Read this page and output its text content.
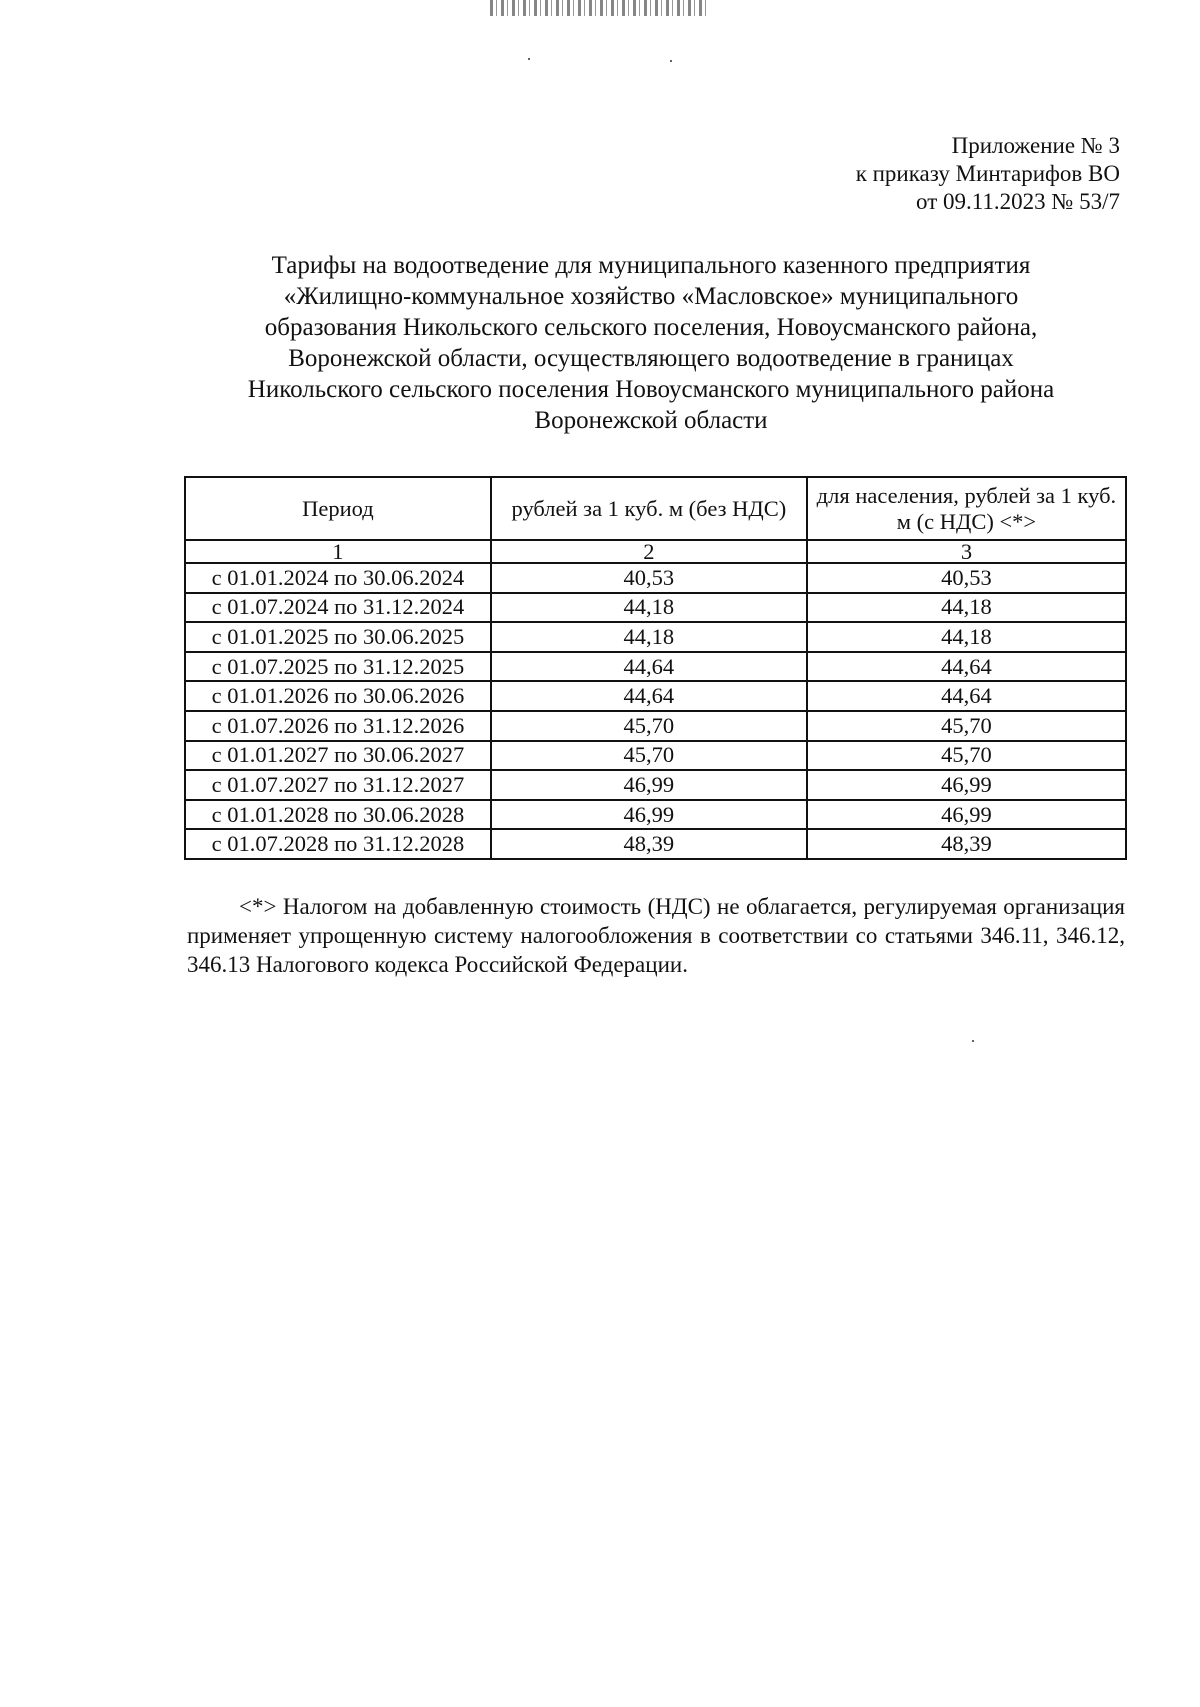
Приложение № 3
к приказу Минтарифов ВО
от 09.11.2023 № 53/7
Тарифы на водоотведение для муниципального казенного предприятия
«Жилищно-коммунальное хозяйство «Масловское» муниципального
образования Никольского сельского поселения, Новоусманского района,
Воронежской области, осуществляющего водоотведение в границах
Никольского сельского поселения Новоусманского муниципального района
Воронежской области
Период	рублей за 1 куб. м (без НДС)	для населения, рублей за 1 куб. м (с НДС) <*>
1	2	3
с 01.01.2024 по 30.06.2024	40,53	40,53
с 01.07.2024 по 31.12.2024	44,18	44,18
с 01.01.2025 по 30.06.2025	44,18	44,18
с 01.07.2025 по 31.12.2025	44,64	44,64
с 01.01.2026 по 30.06.2026	44,64	44,64
с 01.07.2026 по 31.12.2026	45,70	45,70
с 01.01.2027 по 30.06.2027	45,70	45,70
с 01.07.2027 по 31.12.2027	46,99	46,99
с 01.01.2028 по 30.06.2028	46,99	46,99
с 01.07.2028 по 31.12.2028	48,39	48,39

<*> Налогом на добавленную стоимость (НДС) не облагается, регулируемая организация применяет упрощенную систему налогообложения в соответствии со статьями 346.11, 346.12, 346.13 Налогового кодекса Российской Федерации.
